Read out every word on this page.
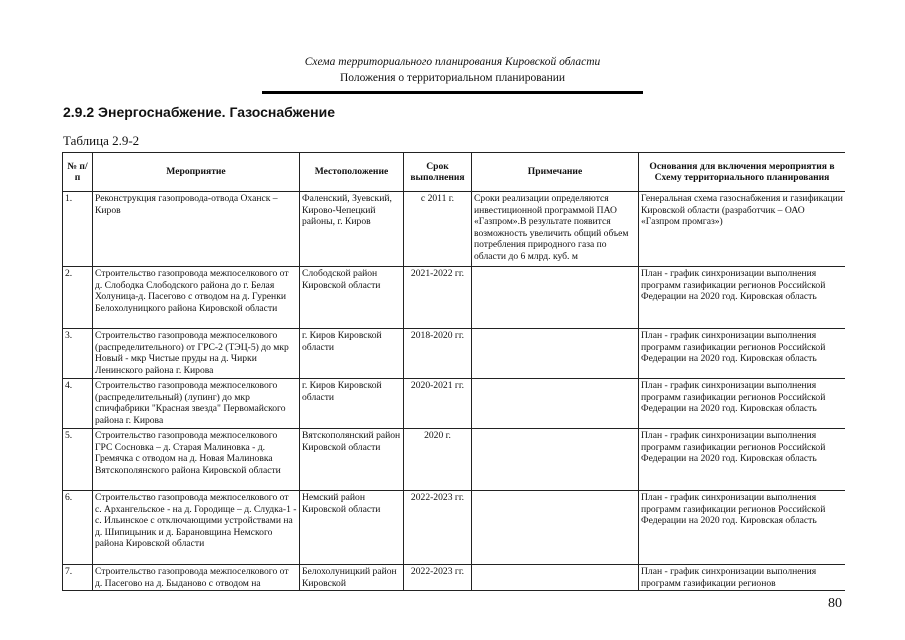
Схема территориального планирования Кировской области
Положения о территориальном планировании
2.9.2 Энергоснабжение. Газоснабжение
Таблица 2.9-2
№ п/п	Мероприятие	Местоположение	Срок выполнения	Примечание	Основания для включения мероприятия в Схему территориального планирования
1.	Реконструкция газопровода-отвода Оханск – Киров	Фаленский, Зуевский, Кирово-Чепецкий районы, г. Киров	с 2011 г.	Сроки реализации определяются инвестиционной программой ПАО «Газпром».В результате появится возможность увеличить общий объем потребления природного газа по области до 6 млрд. куб. м	Генеральная схема газоснабжения и газификации Кировской области (разработчик – ОАО «Газпром промгаз»)
2.	Строительство газопровода межпоселкового от д. Слободка Слободского района до г. Белая Холуница-д. Пасегово с отводом на д. Гуренки Белохолуницкого района Кировской области	Слободской район Кировской области	2021-2022 гг.		План - график синхронизации выполнения программ газификации регионов Российской Федерации на 2020 год. Кировская область
3.	Строительство газопровода межпоселкового (распределительного) от ГРС-2 (ТЭЦ-5) до мкр Новый - мкр Чистые пруды на д. Чирки Ленинского района г. Кирова	г. Киров Кировской области	2018-2020 гг.		План - график синхронизации выполнения программ газификации регионов Российской Федерации на 2020 год. Кировская область
4.	Строительство газопровода межпоселкового (распределительный) (лупинг) до мкр спичфабрики "Красная звезда" Первомайского района г. Кирова	г. Киров Кировской области	2020-2021 гг.		План - график синхронизации выполнения программ газификации регионов Российской Федерации на 2020 год. Кировская область
5.	Строительство газопровода межпоселкового ГРС Сосновка – д. Старая Малиновка - д. Гремячка с отводом на д. Новая Малиновка Вятскополянского района Кировской области	Вятскополянский район Кировской области	2020 г.		План - график синхронизации выполнения программ газификации регионов Российской Федерации на 2020 год. Кировская область
6.	Строительство газопровода межпоселкового от с. Архангельское - на д. Городище – д. Слудка-1 - с. Ильинское с отключающими устройствами на д. Шипицыник и д. Барановщина Немского района Кировской области	Немский район Кировской области	2022-2023 гг.		План - график синхронизации выполнения программ газификации регионов Российской Федерации на 2020 год. Кировская область
7.	Строительство газопровода межпоселкового от д. Пасегово на д. Быданово с отводом на	Белохолуницкий район Кировской	2022-2023 гг.		План - график синхронизации выполнения программ газификации регионов
80
